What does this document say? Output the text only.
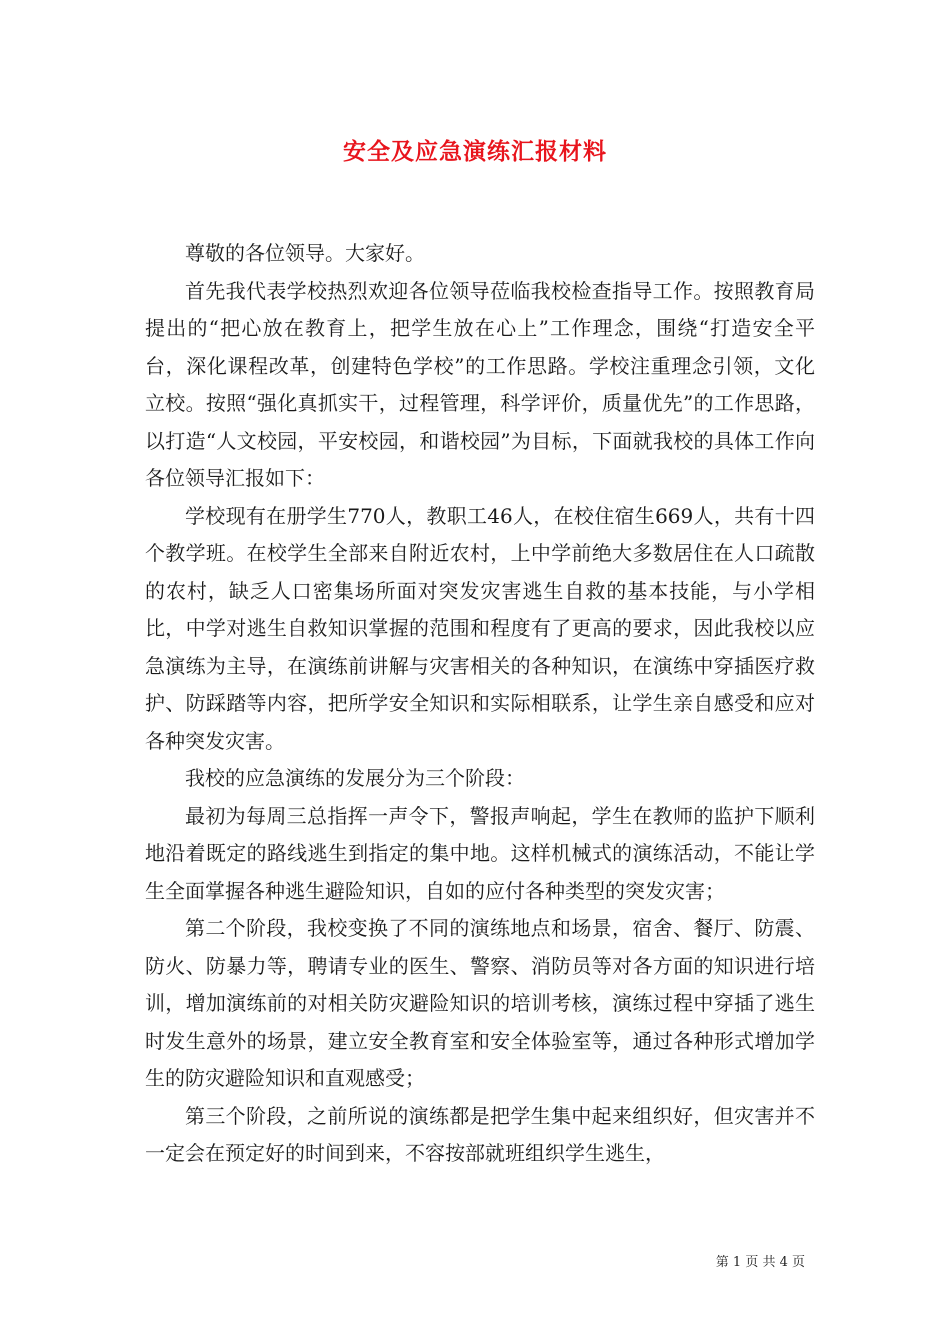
安全及应急演练汇报材料

尊敬的各位领导。大家好。

首先我代表学校热烈欢迎各位领导莅临我校检查指导工作。按照教育局提出的“把心放在教育上，把学生放在心上”工作理念，围绕“打造安全平台，深化课程改革，创建特色学校”的工作思路。学校注重理念引领，文化立校。按照“强化真抓实干，过程管理，科学评价，质量优先”的工作思路，以打造“人文校园，平安校园，和谐校园”为目标，下面就我校的具体工作向各位领导汇报如下：

学校现有在册学生770人，教职工46人，在校住宿生669人，共有十四个教学班。在校学生全部来自附近农村，上中学前绝大多数居住在人口疏散的农村，缺乏人口密集场所面对突发灾害逃生自救的基本技能，与小学相比，中学对逃生自救知识掌握的范围和程度有了更高的要求，因此我校以应急演练为主导，在演练前讲解与灾害相关的各种知识，在演练中穿插医疗救护、防踩踏等内容，把所学安全知识和实际相联系，让学生亲自感受和应对各种突发灾害。

我校的应急演练的发展分为三个阶段：

最初为每周三总指挥一声令下，警报声响起，学生在教师的监护下顺利地沿着既定的路线逃生到指定的集中地。这样机械式的演练活动，不能让学生全面掌握各种逃生避险知识，自如的应付各种类型的突发灾害；

第二个阶段，我校变换了不同的演练地点和场景，宿舍、餐厅、防震、防火、防暴力等，聘请专业的医生、警察、消防员等对各方面的知识进行培训，增加演练前的对相关防灾避险知识的培训考核，演练过程中穿插了逃生时发生意外的场景，建立安全教育室和安全体验室等，通过各种形式增加学生的防灾避险知识和直观感受；

第三个阶段，之前所说的演练都是把学生集中起来组织好，但灾害并不一定会在预定好的时间到来，不容按部就班组织学生逃生，

第 1 页 共 4 页
